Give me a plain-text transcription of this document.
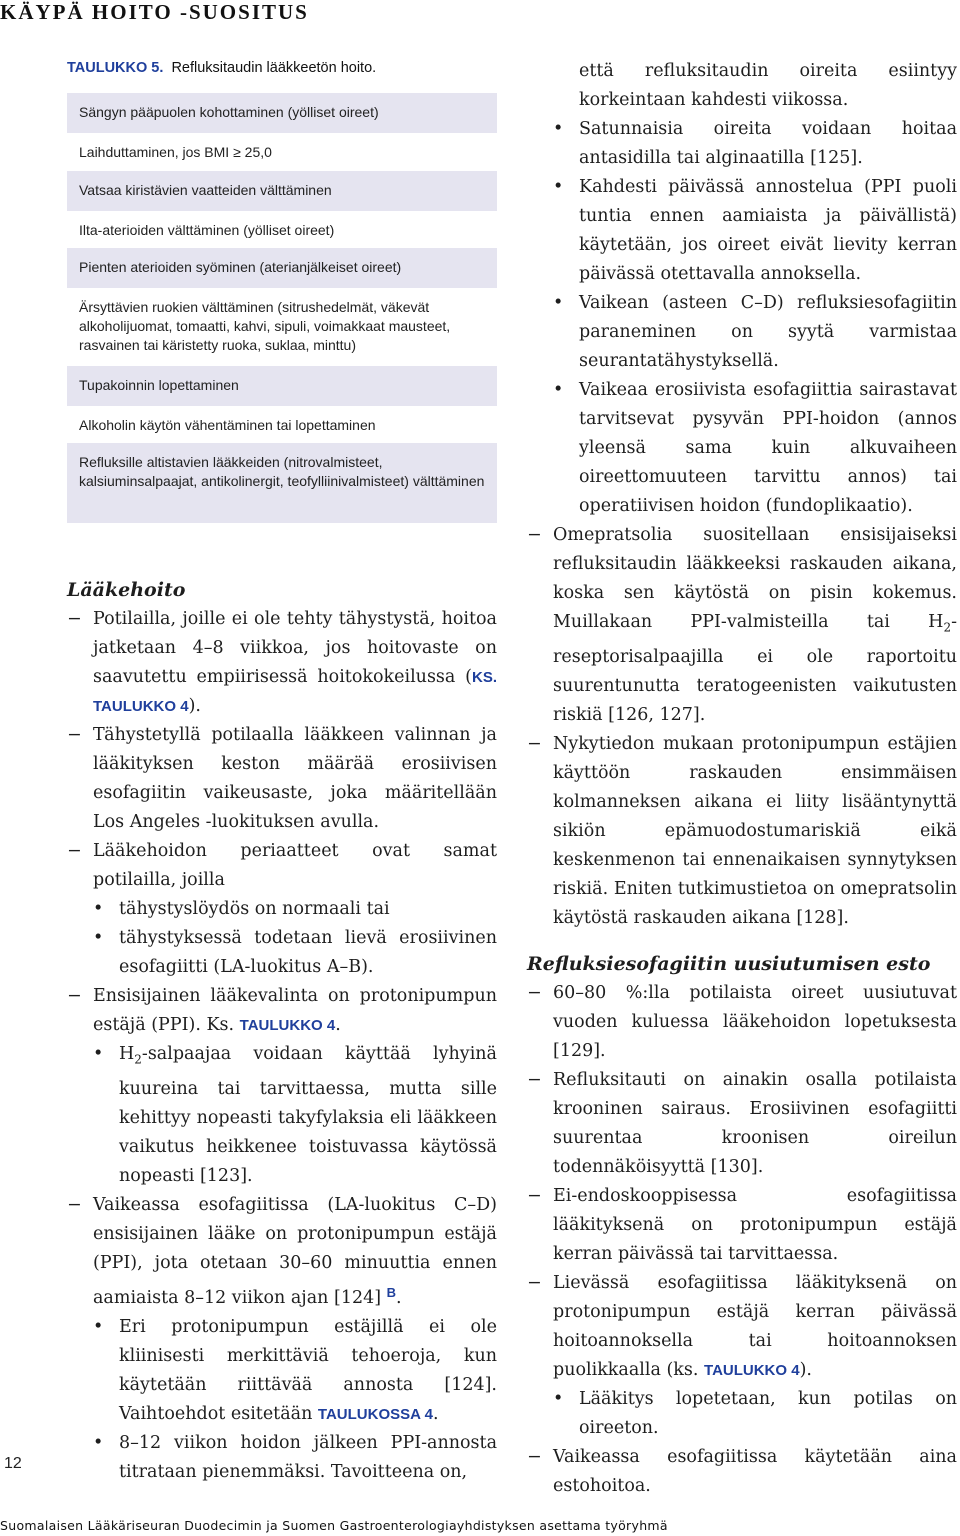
KÄYPÄ HOITO -SUOSITUS
TAULUKKO 5. Refluksitaudin lääkkeetön hoito.
Sängyn pääpuolen kohottaminen (yölliset oireet)
Laihduttaminen, jos BMI ≥ 25,0
Vatsaa kiristävien vaatteiden välttäminen
Ilta-aterioiden välttäminen (yölliset oireet)
Pienten aterioiden syöminen (aterianjälkeiset oireet)
Ärsyttävien ruokien välttäminen (sitrushedelmät, väkevät alkoholijuomat, tomaatti, kahvi, sipuli, voimakkaat mausteet, rasvainen tai käristetty ruoka, suklaa, minttu)
Tupakoinnin lopettaminen
Alkoholin käytön vähentäminen tai lopettaminen
Refluksille altistavien lääkkeiden (nitrovalmisteet, kalsiuminsalpaajat, antikolinergit, teofylliinivalmisteet) välttäminen
Lääkehoito
− Potilailla, joille ei ole tehty tähystystä, hoitoa jatketaan 4–8 viikkoa, jos hoitovaste on saavutettu empiirisessä hoitokokeilussa (KS. TAULUKKO 4).
− Tähystetyllä potilaalla lääkkeen valinnan ja lääkityksen keston määrää erosiivisen esofagiitin vaikeusaste, joka määritellään Los Angeles -luokituksen avulla.
− Lääkehoidon periaatteet ovat samat potilailla, joilla
• tähystyslöydös on normaali tai
• tähystyksessä todetaan lievä erosiivinen esofagiitti (LA-luokitus A–B).
− Ensisijainen lääkevalinta on protonipumpun estäjä (PPI). Ks. TAULUKKO 4.
• $H_2$-salpaajaa voidaan käyttää lyhyinä kuureina tai tarvittaessa, mutta sille kehittyy nopeasti takyfylaksia eli lääkkeen vaikutus heikkenee toistuvassa käytössä nopeasti [123].
− Vaikeassa esofagiitissa (LA-luokitus C–D) ensisijainen lääke on protonipumpun estäjä (PPI), jota otetaan 30–60 minuuttia ennen aamiaista 8–12 viikon ajan [124] $^B$.
• Eri protonipumpun estäjillä ei ole kliinisesti merkittäviä tehoeroja, kun käytetään riittävää annosta [124]. Vaihtoehdot esitetään TAULUKOSSA 4.
• 8–12 viikon hoidon jälkeen PPI-annosta titrataan pienemmäksi. Tavoitteena on,
että refluksitaudin oireita esiintyy korkeintaan kahdesti viikossa.
• Satunnaisia oireita voidaan hoitaa antasidilla tai alginaatilla [125].
• Kahdesti päivässä annostelua (PPI puoli tuntia ennen aamiaista ja päivällistä) käytetään, jos oireet eivät lievity kerran päivässä otettavalla annoksella.
• Vaikean (asteen C–D) refluksiesofagiitin paraneminen on syytä varmistaa seurantatähystyksellä.
• Vaikeaa erosiivista esofagiittia sairastavat tarvitsevat pysyvän PPI-hoidon (annos yleensä sama kuin alkuvaiheen oireettomuuteen tarvittu annos) tai operatiivisen hoidon (fundoplikaatio).
− Omepratsolia suositellaan ensisijaiseksi refluksitaudin lääkkeeksi raskauden aikana, koska sen käytöstä on pisin kokemus. Muillakaan PPI-valmisteilla tai $H_2$-reseptorisalpaajilla ei ole raportoitu suurentunutta teratogeenisten vaikutusten riskiä [126, 127].
− Nykytiedon mukaan protonipumpun estäjien käyttöön raskauden ensimmäisen kolmanneksen aikana ei liity lisääntynyttä sikiön epämuodostumariskiä eikä keskenmenon tai ennenaikaisen synnytyksen riskiä. Eniten tutkimustietoa on omepratsolin käytöstä raskauden aikana [128].
Refluksiesofagiitin uusiutumisen esto
− 60–80 %:lla potilaista oireet uusiutuvat vuoden kuluessa lääkehoidon lopetuksesta [129].
− Refluksitauti on ainakin osalla potilaista krooninen sairaus. Erosiivinen esofagiitti suurentaa kroonisen oireilun todennäköisyyttä [130].
− Ei-endoskooppisessa esofagiitissa lääkityksenä on protonipumpun estäjä kerran päivässä tai tarvittaessa.
− Lievässä esofagiitissa lääkityksenä on protonipumpun estäjä kerran päivässä hoitoannoksella tai hoitoannoksen puolikkaalla (ks. TAULUKKO 4).
• Lääkitys lopetetaan, kun potilas on oireeton.
− Vaikeassa esofagiitissa käytetään aina estohoitoa.
12
Suomalaisen Lääkäriseuran Duodecimin ja Suomen Gastroenterologiayhdistyksen asettama työryhmä
